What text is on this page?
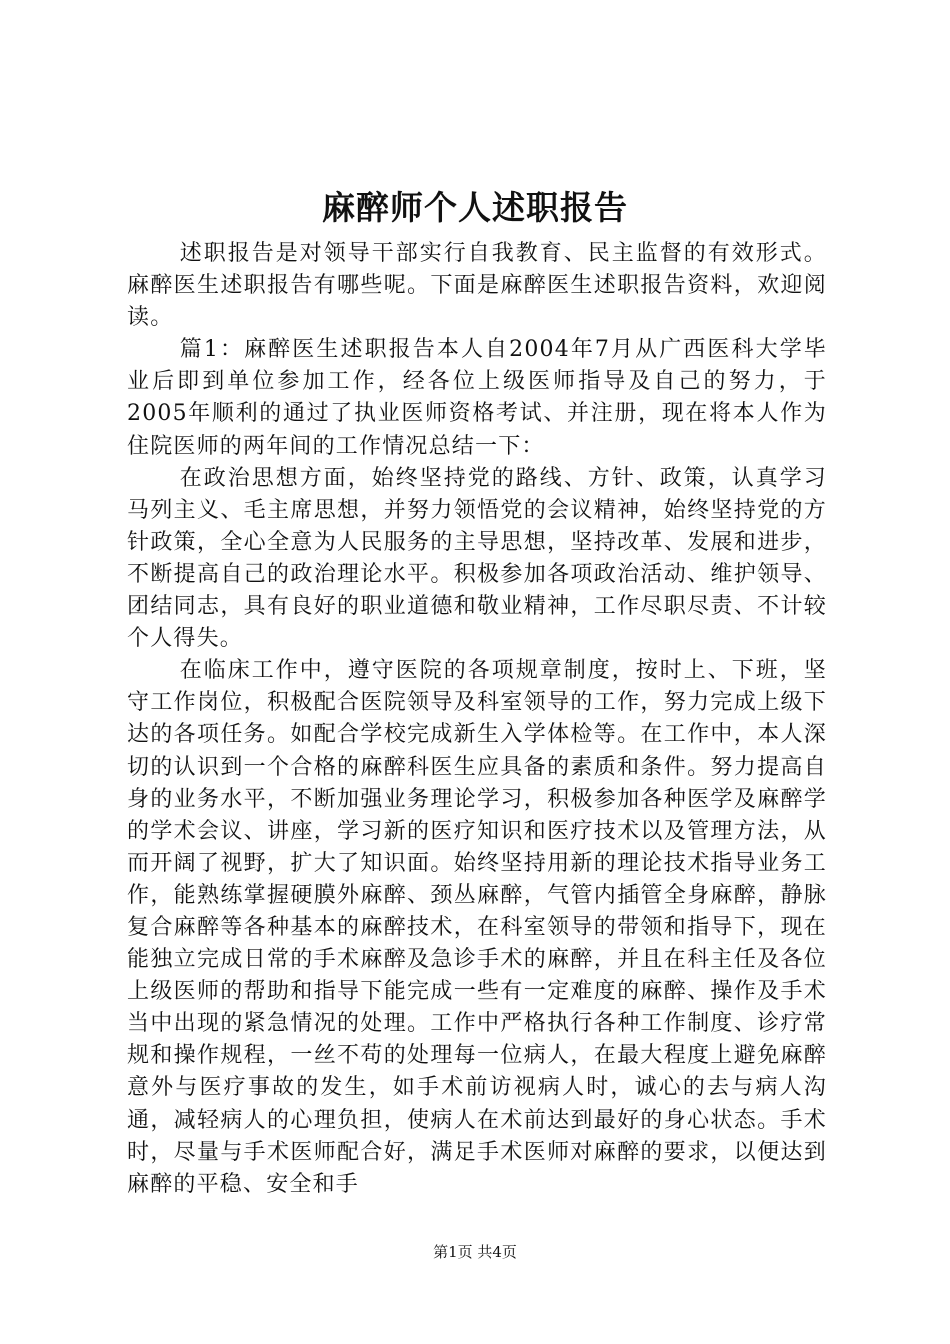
麻醉师个人述职报告

述职报告是对领导干部实行自我教育、民主监督的有效形式。麻醉医生述职报告有哪些呢。下面是麻醉医生述职报告资料，欢迎阅读。

篇1：麻醉医生述职报告本人自2004年7月从广西医科大学毕业后即到单位参加工作，经各位上级医师指导及自己的努力，于2005年顺利的通过了执业医师资格考试、并注册，现在将本人作为住院医师的两年间的工作情况总结一下：

在政治思想方面，始终坚持党的路线、方针、政策，认真学习马列主义、毛主席思想，并努力领悟党的会议精神，始终坚持党的方针政策，全心全意为人民服务的主导思想，坚持改革、发展和进步，不断提高自己的政治理论水平。积极参加各项政治活动、维护领导、团结同志，具有良好的职业道德和敬业精神，工作尽职尽责、不计较个人得失。

在临床工作中，遵守医院的各项规章制度，按时上、下班，坚守工作岗位，积极配合医院领导及科室领导的工作，努力完成上级下达的各项任务。如配合学校完成新生入学体检等。在工作中，本人深切的认识到一个合格的麻醉科医生应具备的素质和条件。努力提高自身的业务水平，不断加强业务理论学习，积极参加各种医学及麻醉学的学术会议、讲座，学习新的医疗知识和医疗技术以及管理方法，从而开阔了视野，扩大了知识面。始终坚持用新的理论技术指导业务工作，能熟练掌握硬膜外麻醉、颈丛麻醉，气管内插管全身麻醉，静脉复合麻醉等各种基本的麻醉技术，在科室领导的带领和指导下，现在能独立完成日常的手术麻醉及急诊手术的麻醉，并且在科主任及各位上级医师的帮助和指导下能完成一些有一定难度的麻醉、操作及手术当中出现的紧急情况的处理。工作中严格执行各种工作制度、诊疗常规和操作规程，一丝不苟的处理每一位病人，在最大程度上避免麻醉意外与医疗事故的发生，如手术前访视病人时，诚心的去与病人沟通，减轻病人的心理负担，使病人在术前达到最好的身心状态。手术时，尽量与手术医师配合好，满足手术医师对麻醉的要求，以便达到麻醉的平稳、安全和手

第1页 共4页
